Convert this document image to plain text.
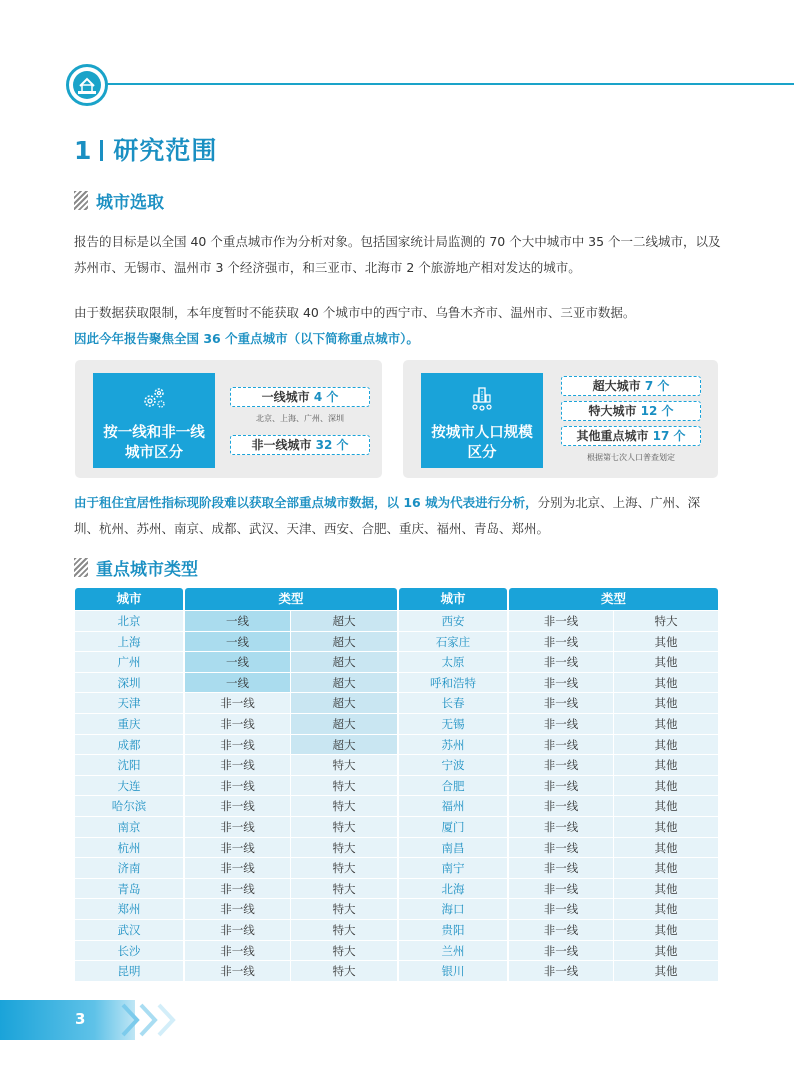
1 研究范围
城市选取
报告的目标是以全国 40 个重点城市作为分析对象。包括国家统计局监测的 70 个大中城市中 35 个一二线城市，以及苏州市、无锡市、温州市 3 个经济强市，和三亚市、北海市 2 个旅游地产相对发达的城市。
由于数据获取限制，本年度暂时不能获取 40 个城市中的西宁市、乌鲁木齐市、温州市、三亚市数据。
因此今年报告聚焦全国 36 个重点城市（以下简称重点城市）。
按一线和非一线
城市区分
一线城市 4 个
北京、上海、广州、深圳
非一线城市 32 个
按城市人口规模
区分
超大城市 7 个
特大城市 12 个
其他重点城市 17 个
根据第七次人口普查划定
由于租住宜居性指标现阶段难以获取全部重点城市数据，以 16 城为代表进行分析，分别为北京、上海、广州、深圳、杭州、苏州、南京、成都、武汉、天津、西安、合肥、重庆、福州、青岛、郑州。
重点城市类型
城市	类型	城市	类型
北京	一线	超大	西安	非一线	特大
上海	一线	超大	石家庄	非一线	其他
广州	一线	超大	太原	非一线	其他
深圳	一线	超大	呼和浩特	非一线	其他
天津	非一线	超大	长春	非一线	其他
重庆	非一线	超大	无锡	非一线	其他
成都	非一线	超大	苏州	非一线	其他
沈阳	非一线	特大	宁波	非一线	其他
大连	非一线	特大	合肥	非一线	其他
哈尔滨	非一线	特大	福州	非一线	其他
南京	非一线	特大	厦门	非一线	其他
杭州	非一线	特大	南昌	非一线	其他
济南	非一线	特大	南宁	非一线	其他
青岛	非一线	特大	北海	非一线	其他
郑州	非一线	特大	海口	非一线	其他
武汉	非一线	特大	贵阳	非一线	其他
长沙	非一线	特大	兰州	非一线	其他
昆明	非一线	特大	银川	非一线	其他
3
